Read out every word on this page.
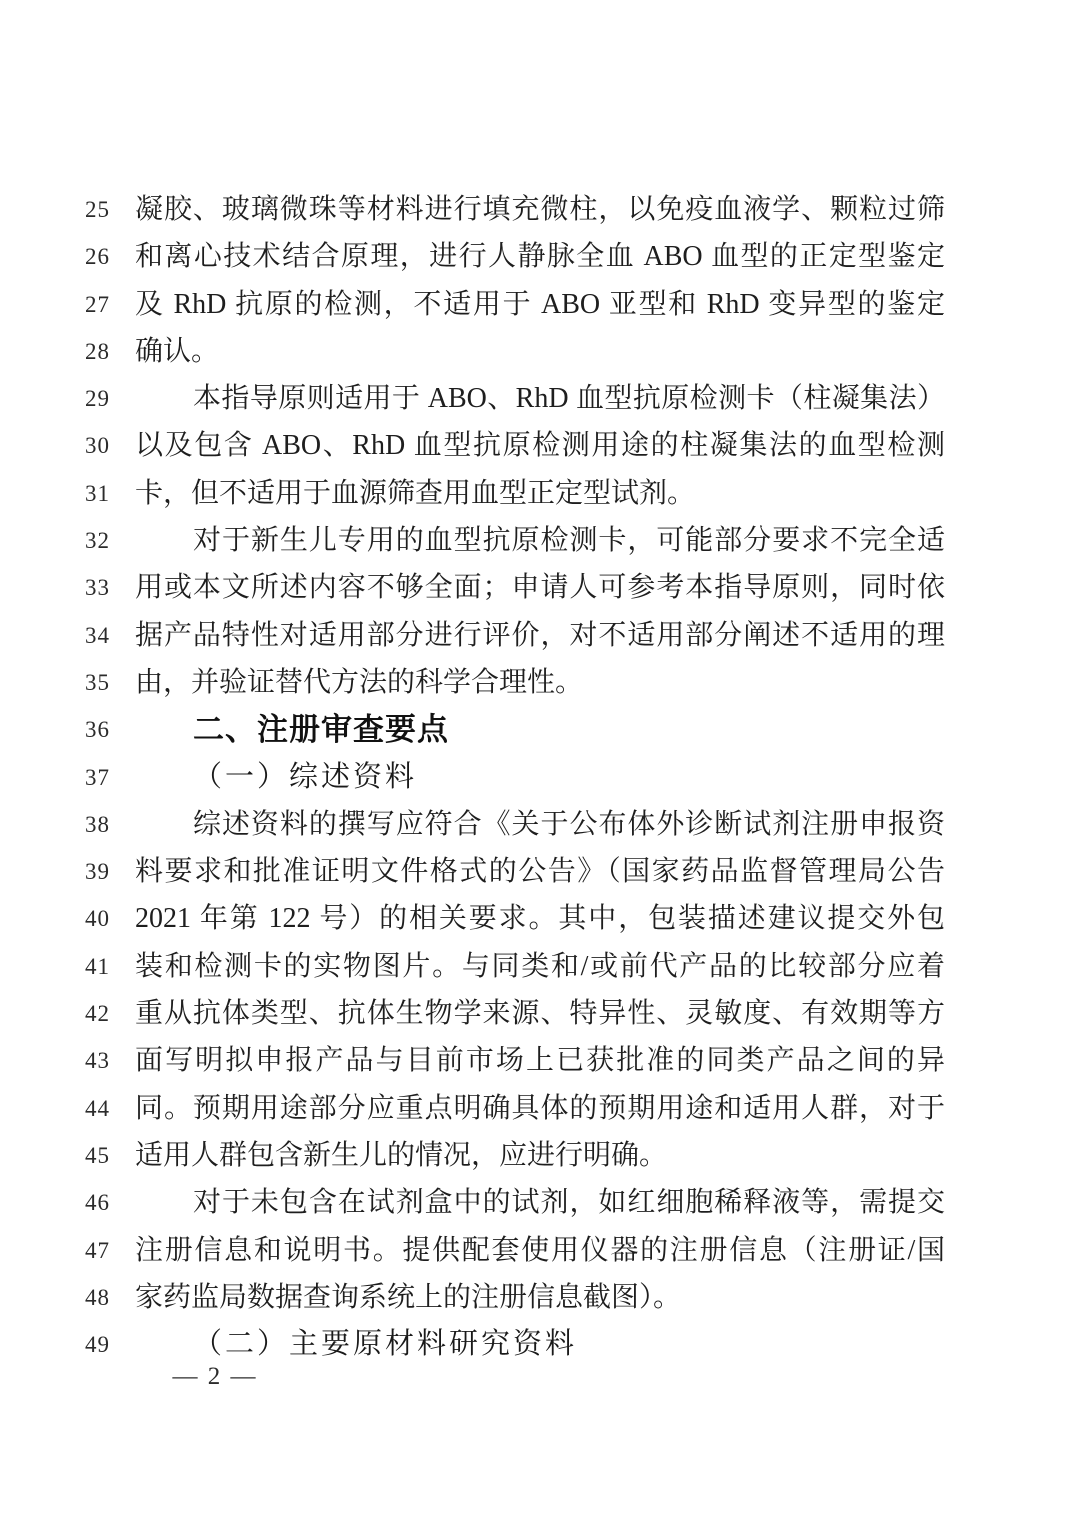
25 凝胶、玻璃微珠等材料进行填充微柱，以免疫血液学、颗粒过筛
26 和离心技术结合原理，进行人静脉全血 ABO 血型的正定型鉴定
27 及 RhD 抗原的检测，不适用于 ABO 亚型和 RhD 变异型的鉴定
28 确认。
29	本指导原则适用于 ABO、RhD 血型抗原检测卡（柱凝集法）
30 以及包含 ABO、RhD 血型抗原检测用途的柱凝集法的血型检测
31 卡，但不适用于血源筛查用血型正定型试剂。
32	对于新生儿专用的血型抗原检测卡，可能部分要求不完全适
33 用或本文所述内容不够全面；申请人可参考本指导原则，同时依
34 据产品特性对适用部分进行评价，对不适用部分阐述不适用的理
35 由，并验证替代方法的科学合理性。
36	二、注册审查要点
37	（一）综述资料
38	综述资料的撰写应符合《关于公布体外诊断试剂注册申报资
39 料要求和批准证明文件格式的公告》（国家药品监督管理局公告
40 2021 年第 122 号）的相关要求。其中，包装描述建议提交外包
41 装和检测卡的实物图片。与同类和/或前代产品的比较部分应着
42 重从抗体类型、抗体生物学来源、特异性、灵敏度、有效期等方
43 面写明拟申报产品与目前市场上已获批准的同类产品之间的异
44 同。预期用途部分应重点明确具体的预期用途和适用人群，对于
45 适用人群包含新生儿的情况，应进行明确。
46	对于未包含在试剂盒中的试剂，如红细胞稀释液等，需提交
47 注册信息和说明书。提供配套使用仪器的注册信息（注册证/国
48 家药监局数据查询系统上的注册信息截图）。
49	（二）主要原材料研究资料
— 2 —
